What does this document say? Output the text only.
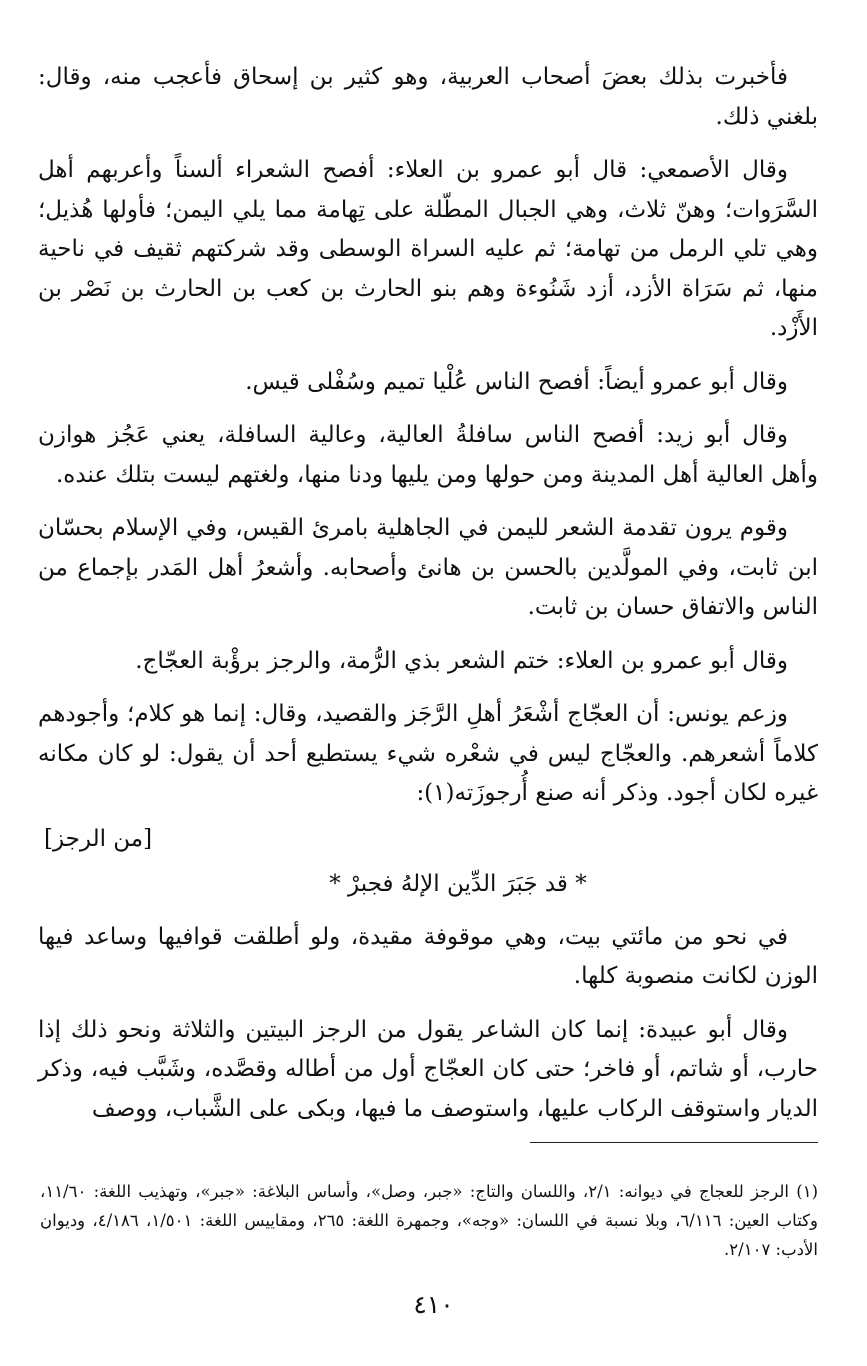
فأخبرت بذلك بعضَ أصحاب العربية، وهو كثير بن إسحاق فأعجب منه، وقال: بلغني ذلك.

وقال الأصمعي: قال أبو عمرو بن العلاء: أفصح الشعراء ألسناً وأعربهم أهل السَّرَوات؛ وهنّ ثلاث، وهي الجبال المطّلة على تِهامة مما يلي اليمن؛ فأولها هُذيل؛ وهي تلي الرمل من تهامة؛ ثم عليه السراة الوسطى وقد شركتهم ثقيف في ناحية منها، ثم سَرَاة الأزد، أزد شَنُوءة وهم بنو الحارث بن كعب بن الحارث بن نَصْر بن الأَزْد.

وقال أبو عمرو أيضاً: أفصح الناس عُلْيا تميم وسُفْلى قيس.

وقال أبو زيد: أفصح الناس سافلةُ العالية، وعالية السافلة، يعني عَجُز هوازن وأهل العالية أهل المدينة ومن حولها ومن يليها ودنا منها، ولغتهم ليست بتلك عنده.

وقوم يرون تقدمة الشعر لليمن في الجاهلية بامرئ القيس، وفي الإسلام بحسّان ابن ثابت، وفي المولَّدين بالحسن بن هانئ وأصحابه. وأشعرُ أهل المَدر بإجماع من الناس والاتفاق حسان بن ثابت.

وقال أبو عمرو بن العلاء: ختم الشعر بذي الرُّمة، والرجز برؤْبة العجّاج.

وزعم يونس: أن العجّاج أشْعَرُ أهلِ الرَّجَز والقصيد، وقال: إنما هو كلام؛ وأجودهم كلاماً أشعرهم. والعجّاج ليس في شعْره شيء يستطيع أحد أن يقول: لو كان مكانه غيره لكان أجود. وذكر أنه صنع أُرجوزَته(١):

[من الرجز]

* قد جَبَرَ الدِّين الإلهُ فجبرْ *

في نحو من مائتي بيت، وهي موقوفة مقيدة، ولو أطلقت قوافيها وساعد فيها الوزن لكانت منصوبة كلها.

وقال أبو عبيدة: إنما كان الشاعر يقول من الرجز البيتين والثلاثة ونحو ذلك إذا حارب، أو شاتم، أو فاخر؛ حتى كان العجّاج أول من أطاله وقصَّده، وشَبَّب فيه، وذكر الديار واستوقف الركاب عليها، واستوصف ما فيها، وبكى على الشَّباب، ووصف

(١) الرجز للعجاج في ديوانه: ٢/١، واللسان والتاج: «جبر، وصل»، وأساس البلاغة: «جبر»، وتهذيب اللغة: ١١/٦٠، وكتاب العين: ٦/١١٦، وبلا نسبة في اللسان: «وجه»، وجمهرة اللغة: ٢٦٥، ومقاييس اللغة: ١/٥٠١، ٤/١٨٦، وديوان الأدب: ٢/١٠٧.

٤١٠
